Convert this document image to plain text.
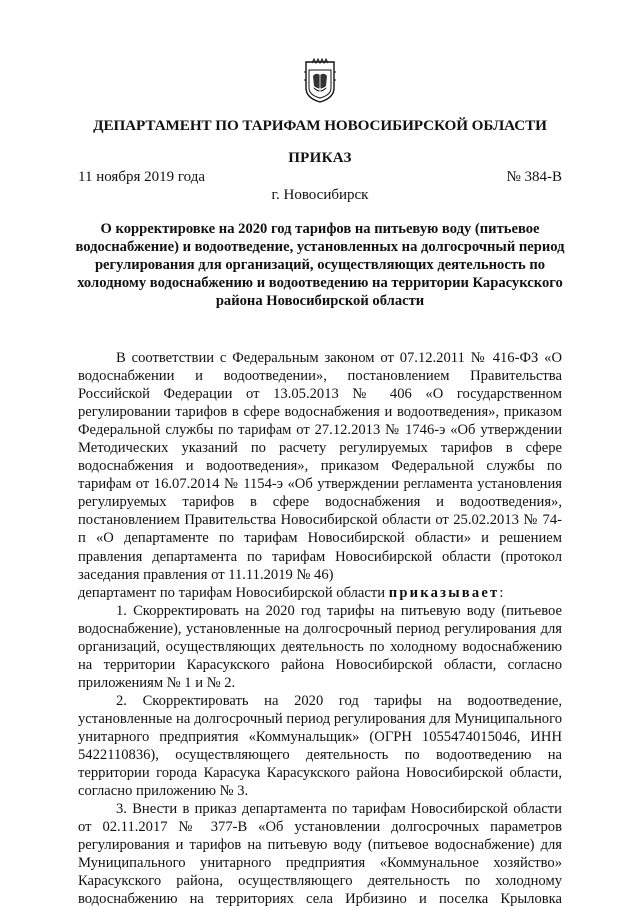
ДЕПАРТАМЕНТ ПО ТАРИФАМ НОВОСИБИРСКОЙ ОБЛАСТИ
ПРИКАЗ
11 ноября 2019 года	№ 384-В
г. Новосибирск
О корректировке на 2020 год тарифов на питьевую воду (питьевое водоснабжение) и водоотведение, установленных на долгосрочный период регулирования для организаций, осуществляющих деятельность по холодному водоснабжению и водоотведению на территории Карасукского района Новосибирской области

В соответствии с Федеральным законом от 07.12.2011 № 416-ФЗ «О водоснабжении и водоотведении», постановлением Правительства Российской Федерации от 13.05.2013 № 406 «О государственном регулировании тарифов в сфере водоснабжения и водоотведения», приказом Федеральной службы по тарифам от 27.12.2013 № 1746-э «Об утверждении Методических указаний по расчету регулируемых тарифов в сфере водоснабжения и водоотведения», приказом Федеральной службы по тарифам от 16.07.2014 № 1154-э «Об утверждении регламента установления регулируемых тарифов в сфере водоснабжения и водоотведения», постановлением Правительства Новосибирской области от 25.02.2013 № 74-п «О департаменте по тарифам Новосибирской области» и решением правления департамента по тарифам Новосибирской области (протокол заседания правления от 11.11.2019 № 46)

департамент по тарифам Новосибирской области приказывает:

1. Скорректировать на 2020 год тарифы на питьевую воду (питьевое водоснабжение), установленные на долгосрочный период регулирования для организаций, осуществляющих деятельность по холодному водоснабжению на территории Карасукского района Новосибирской области, согласно приложениям № 1 и № 2.

2. Скорректировать на 2020 год тарифы на водоотведение, установленные на долгосрочный период регулирования для Муниципального унитарного предприятия «Коммунальщик» (ОГРН 1055474015046, ИНН 5422110836), осуществляющего деятельность по водоотведению на территории города Карасука Карасукского района Новосибирской области, согласно приложению № 3.

3. Внести в приказ департамента по тарифам Новосибирской области от 02.11.2017 № 377-В «Об установлении долгосрочных параметров регулирования и тарифов на питьевую воду (питьевое водоснабжение) для Муниципального унитарного предприятия «Коммунальное хозяйство» Карасукского района, осуществляющего деятельность по холодному водоснабжению на территориях села Ирбизино и поселка Крыловка
